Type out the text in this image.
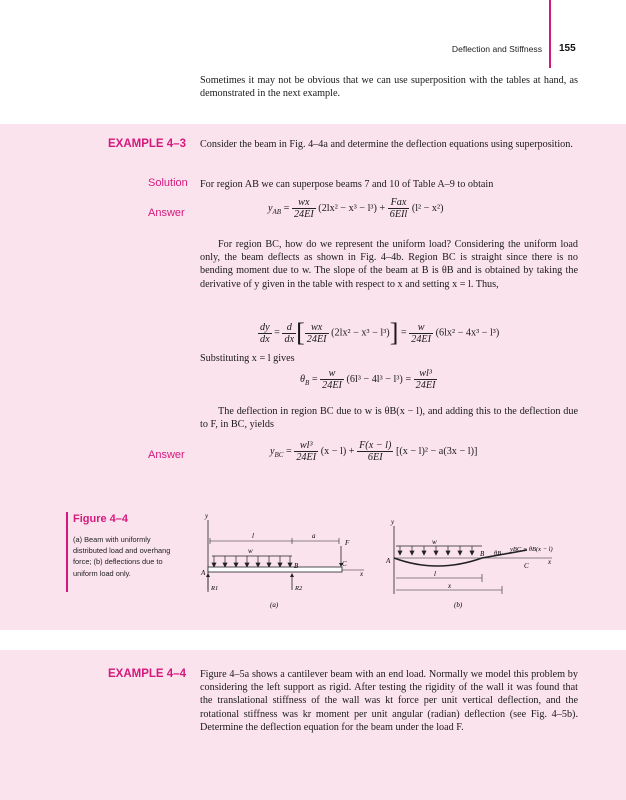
Deflection and Stiffness 155
Sometimes it may not be obvious that we can use superposition with the tables at hand, as demonstrated in the next example.
EXAMPLE 4–3 Consider the beam in Fig. 4–4a and determine the deflection equations using superposition.
Solution For region AB we can superpose beams 7 and 10 of Table A–9 to obtain
Answer	$y_{AB} = \frac{wx}{24EI} (2lx^2 - x^3 - l^3) + \frac{\text{Fax}}{\text{6EIl}} (l^2 - x^2)$
For region BC, how do we represent the uniform load? Considering the uniform load only, the beam deflects as shown in Fig. 4–4b. Region BC is straight since there is no bending moment due to w. The slope of the beam at B is θB and is obtained by taking the derivative of y given in the table with respect to x and setting x = l. Thus,
$\frac{dy}{dx} = \frac{d}{dx}$ [ $\frac{wx}{24EI} (2lx^2 - x^3 - l^3)] = \frac{w}{24EI} (6lx^2 - 4x^3 - l^3)$
Substituting x = l gives
$\theta_B = \frac{w}{24EI} (6l^3 - 4l^3 - l^3) = \frac{\text{wl³}}{24EI}$
The deflection in region BC due to w is θB(x − l), and adding this to the deflection due to F, in BC, yields
Answer	$y_{BC} = \frac{\text{wl³}}{24EI} (x - l) + \frac{F(x - l)}{6EI} [(x - l)^2 - a(3x - l)]$
Figure 4–4
(a) Beam with uniformly distributed load and overhang force; (b) deflections due to uniform load only.
y
l	a
w
F
x
A
B	C
R1	R2
(a)
y
w
x
A
B
C
θB
yBC = θB(x − l)
l
x
(b)
EXAMPLE 4–4 Figure 4–5a shows a cantilever beam with an end load. Normally we model this problem by considering the left support as rigid. After testing the rigidity of the wall it was found that the translational stiffness of the wall was kt force per unit vertical deflection, and the rotational stiffness was kr moment per unit angular (radian) deflection (see Fig. 4–5b). Determine the deflection equation for the beam under the load F.
